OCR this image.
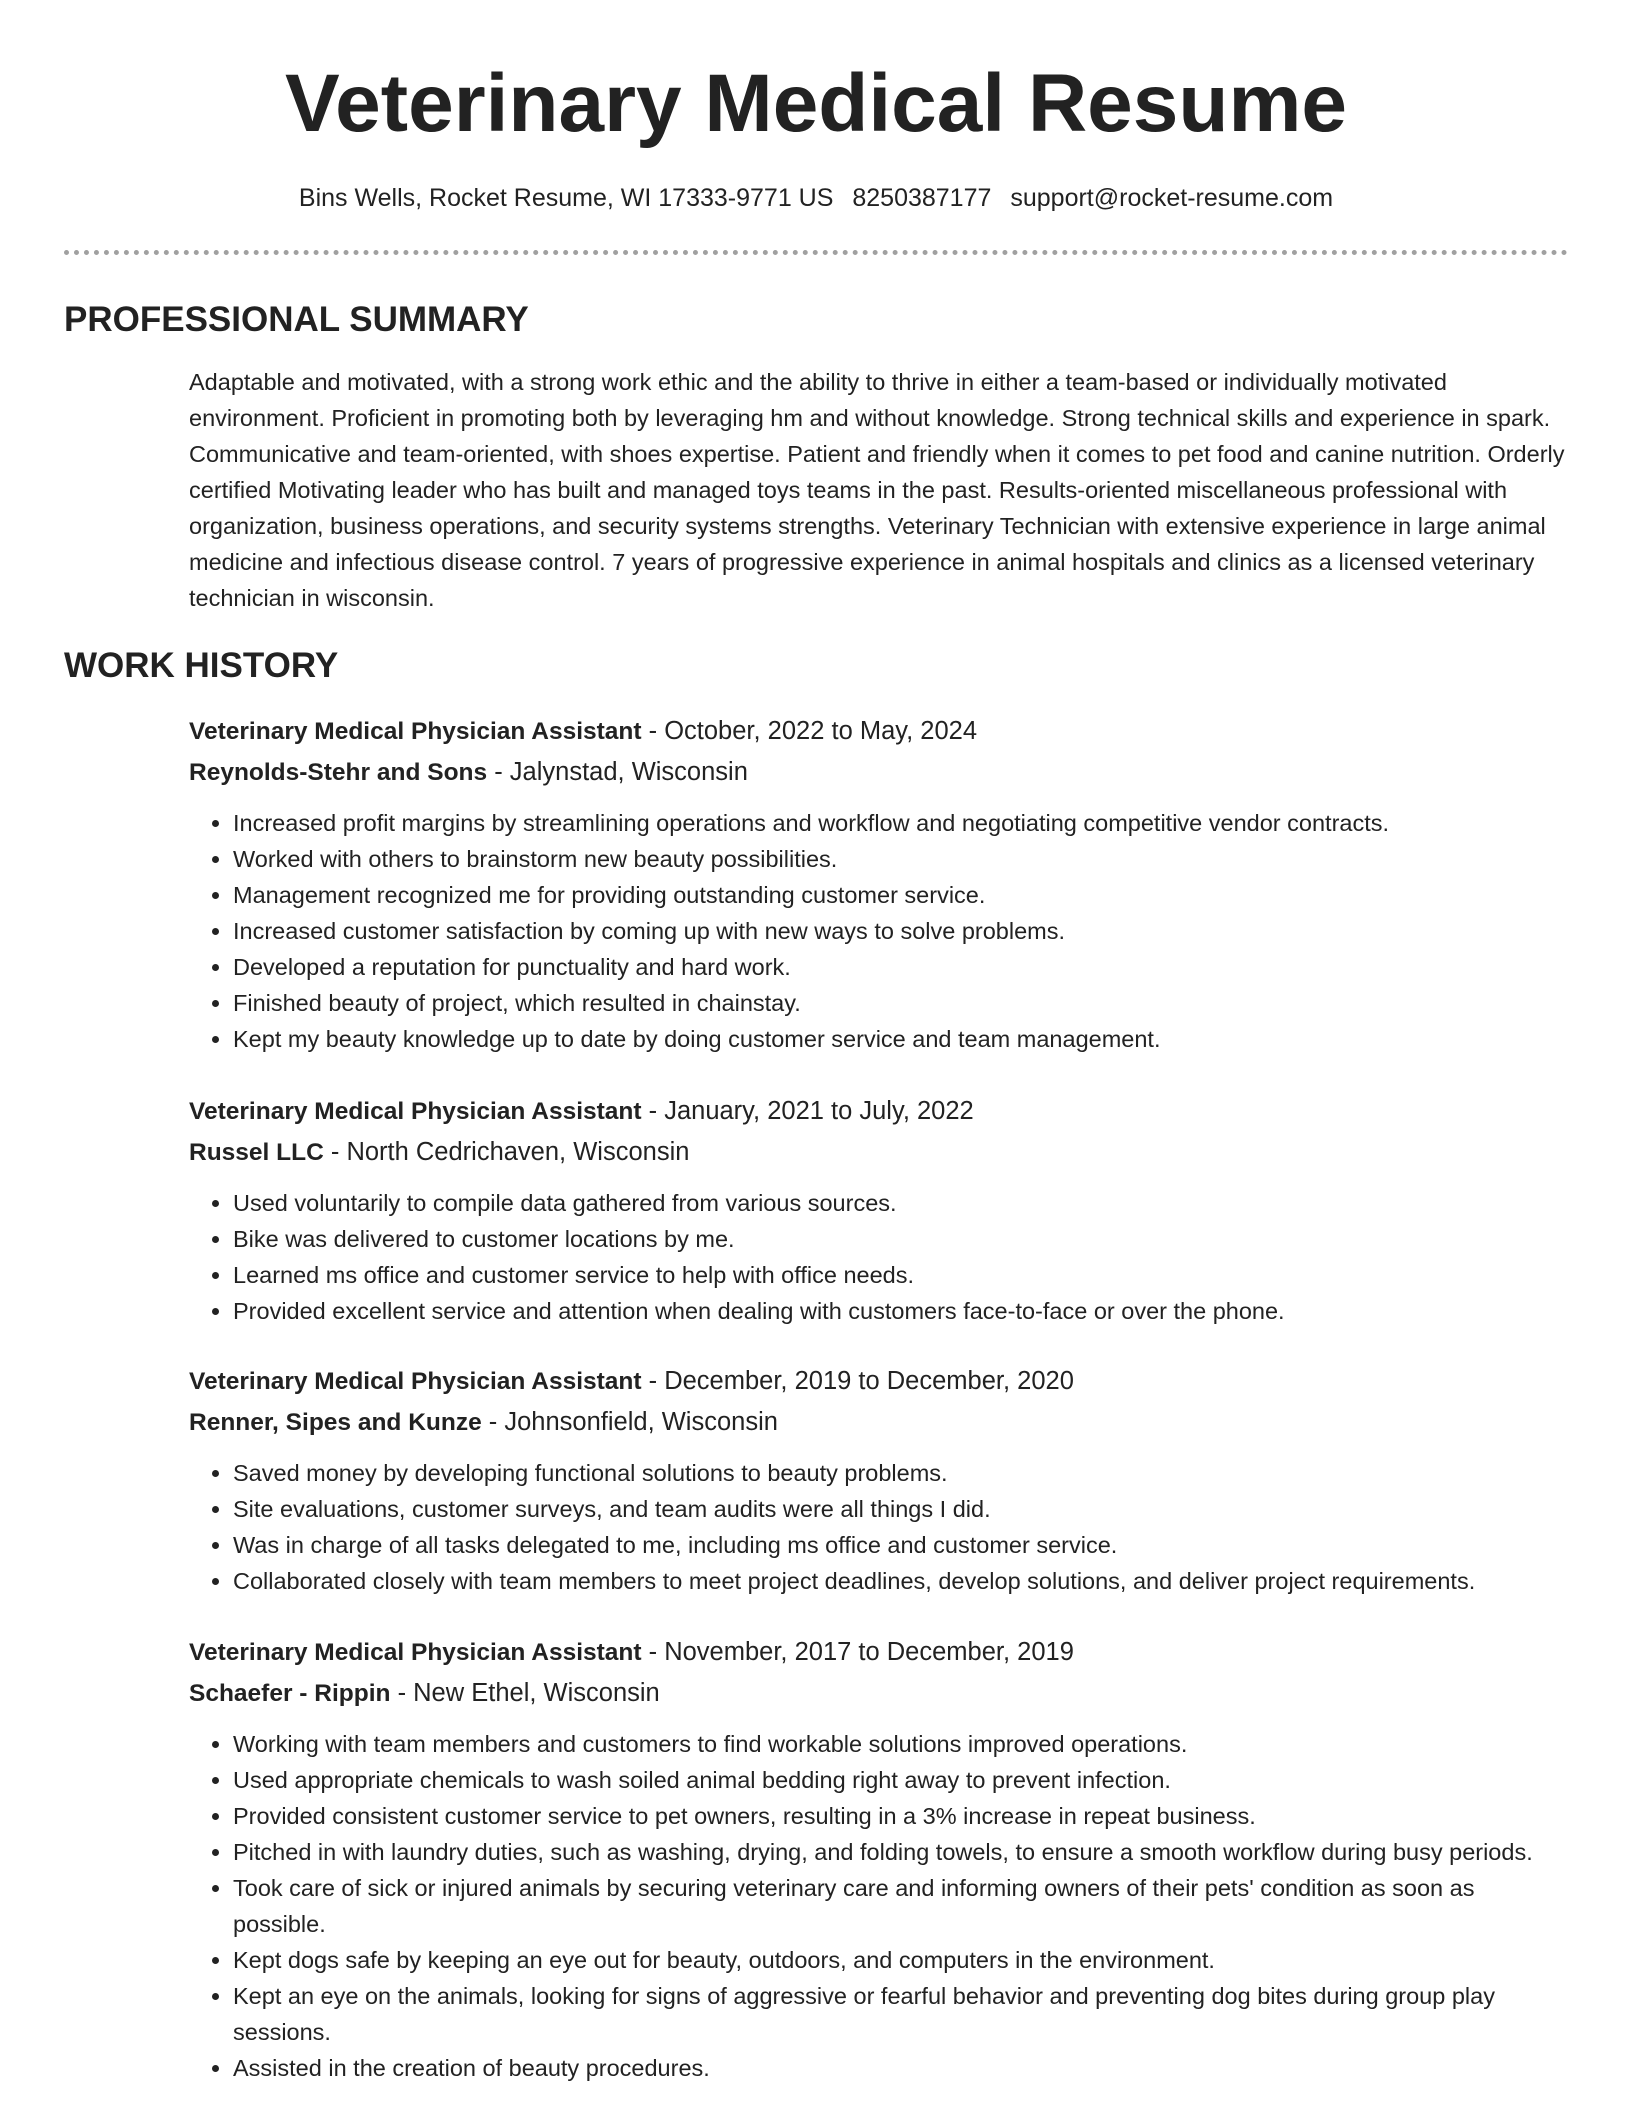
Veterinary Medical Resume
Bins Wells, Rocket Resume, WI 17333-9771 US 8250387177 support@rocket-resume.com
PROFESSIONAL SUMMARY

Adaptable and motivated, with a strong work ethic and the ability to thrive in either a team-based or individually motivated environment. Proficient in promoting both by leveraging hm and without knowledge. Strong technical skills and experience in spark. Communicative and team-oriented, with shoes expertise. Patient and friendly when it comes to pet food and canine nutrition. Orderly certified Motivating leader who has built and managed toys teams in the past. Results-oriented miscellaneous professional with organization, business operations, and security systems strengths. Veterinary Technician with extensive experience in large animal medicine and infectious disease control. 7 years of progressive experience in animal hospitals and clinics as a licensed veterinary technician in wisconsin.

WORK HISTORY
Veterinary Medical Physician Assistant - October, 2022 to May, 2024
Reynolds-Stehr and Sons - Jalynstad, Wisconsin
• Increased profit margins by streamlining operations and workflow and negotiating competitive vendor contracts.
• Worked with others to brainstorm new beauty possibilities.
• Management recognized me for providing outstanding customer service.
• Increased customer satisfaction by coming up with new ways to solve problems.
• Developed a reputation for punctuality and hard work.
• Finished beauty of project, which resulted in chainstay.
• Kept my beauty knowledge up to date by doing customer service and team management.
Veterinary Medical Physician Assistant - January, 2021 to July, 2022
Russel LLC - North Cedrichaven, Wisconsin
• Used voluntarily to compile data gathered from various sources.
• Bike was delivered to customer locations by me.
• Learned ms office and customer service to help with office needs.
• Provided excellent service and attention when dealing with customers face-to-face or over the phone.
Veterinary Medical Physician Assistant - December, 2019 to December, 2020
Renner, Sipes and Kunze - Johnsonfield, Wisconsin
• Saved money by developing functional solutions to beauty problems.
• Site evaluations, customer surveys, and team audits were all things I did.
• Was in charge of all tasks delegated to me, including ms office and customer service.
• Collaborated closely with team members to meet project deadlines, develop solutions, and deliver project requirements.
Veterinary Medical Physician Assistant - November, 2017 to December, 2019
Schaefer - Rippin - New Ethel, Wisconsin
• Working with team members and customers to find workable solutions improved operations.
• Used appropriate chemicals to wash soiled animal bedding right away to prevent infection.
• Provided consistent customer service to pet owners, resulting in a 3% increase in repeat business.
• Pitched in with laundry duties, such as washing, drying, and folding towels, to ensure a smooth workflow during busy periods.
• Took care of sick or injured animals by securing veterinary care and informing owners of their pets' condition as soon as possible.
• Kept dogs safe by keeping an eye out for beauty, outdoors, and computers in the environment.
• Kept an eye on the animals, looking for signs of aggressive or fearful behavior and preventing dog bites during group play sessions.
• Assisted in the creation of beauty procedures.
